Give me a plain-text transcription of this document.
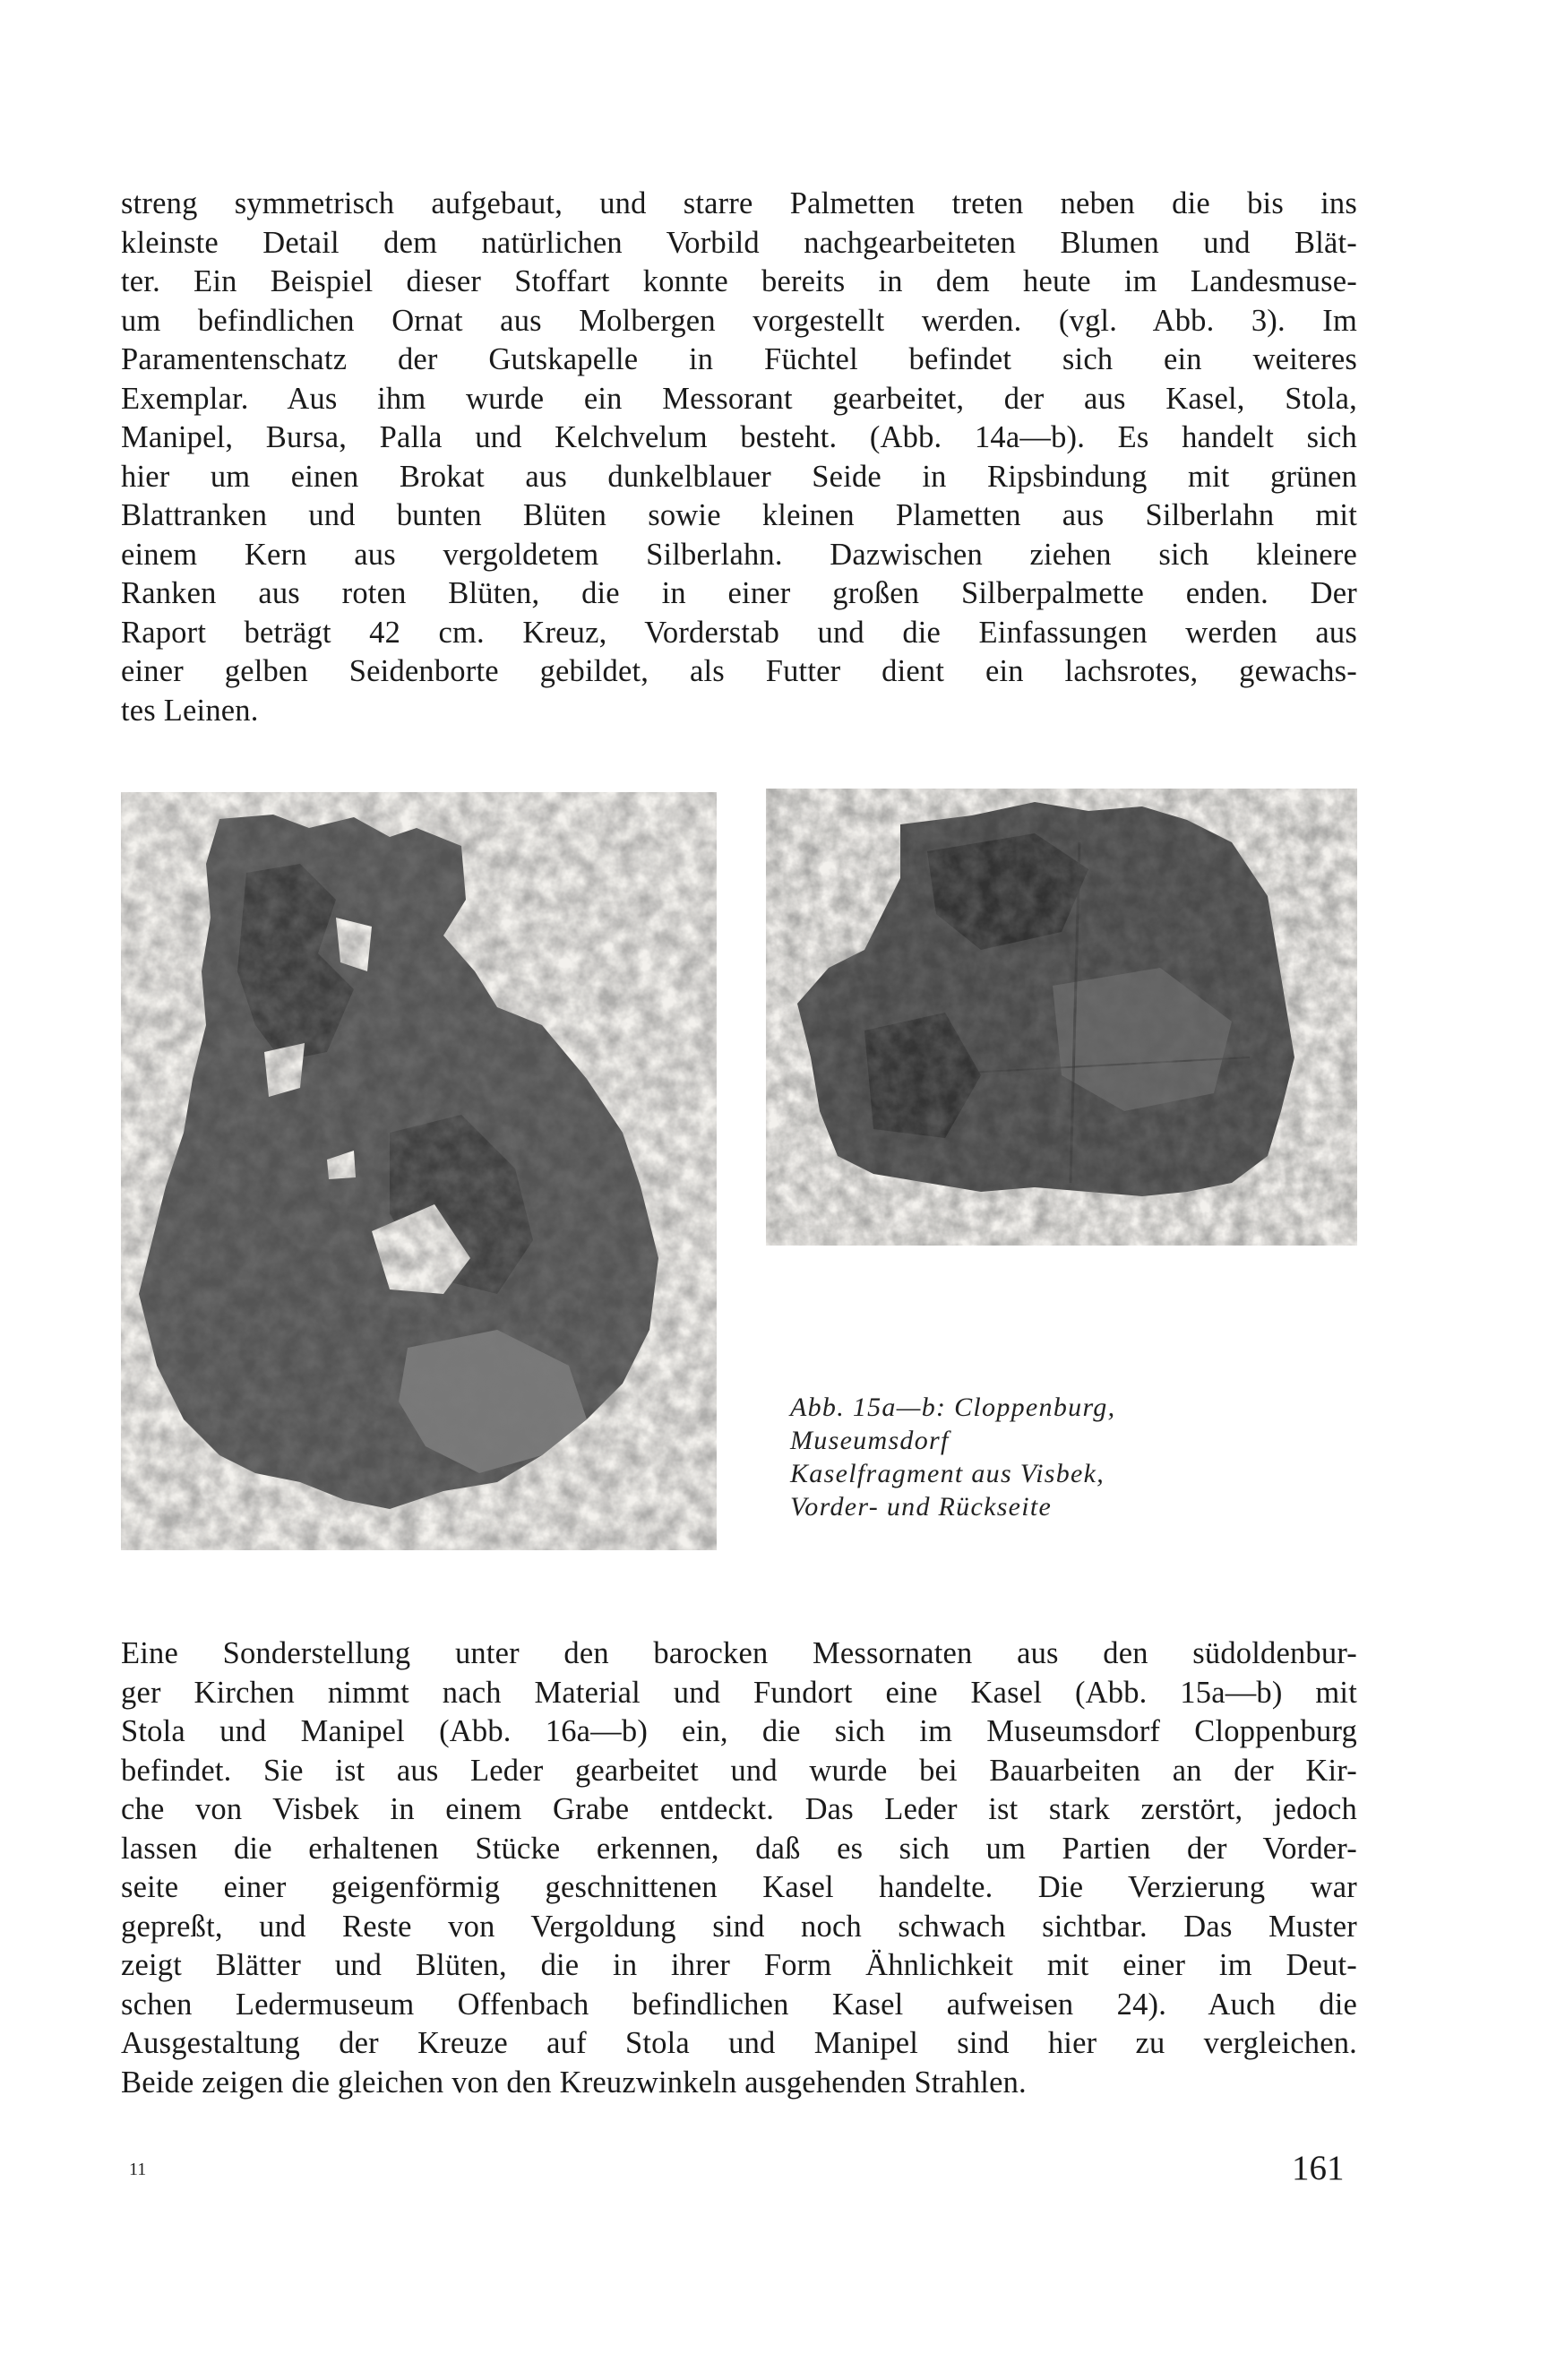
streng symmetrisch aufgebaut, und starre Palmetten treten neben die bis ins
kleinste Detail dem natürlichen Vorbild nachgearbeiteten Blumen und Blät-
ter. Ein Beispiel dieser Stoffart konnte bereits in dem heute im Landesmuse-
um befindlichen Ornat aus Molbergen vorgestellt werden. (vgl. Abb. 3). Im
Paramentenschatz der Gutskapelle in Füchtel befindet sich ein weiteres
Exemplar. Aus ihm wurde ein Messorant gearbeitet, der aus Kasel, Stola,
Manipel, Bursa, Palla und Kelchvelum besteht. (Abb. 14a—b). Es handelt sich
hier um einen Brokat aus dunkelblauer Seide in Ripsbindung mit grünen
Blattranken und bunten Blüten sowie kleinen Plametten aus Silberlahn mit
einem Kern aus vergoldetem Silberlahn. Dazwischen ziehen sich kleinere
Ranken aus roten Blüten, die in einer großen Silberpalmette enden. Der
Raport beträgt 42 cm. Kreuz, Vorderstab und die Einfassungen werden aus
einer gelben Seidenborte gebildet, als Futter dient ein lachsrotes, gewachs-
tes Leinen.
Abb. 15a—b: Cloppenburg,
Museumsdorf
Kaselfragment aus Visbek,
Vorder- und Rückseite
Eine Sonderstellung unter den barocken Messornaten aus den südoldenbur-
ger Kirchen nimmt nach Material und Fundort eine Kasel (Abb. 15a—b) mit
Stola und Manipel (Abb. 16a—b) ein, die sich im Museumsdorf Cloppenburg
befindet. Sie ist aus Leder gearbeitet und wurde bei Bauarbeiten an der Kir-
che von Visbek in einem Grabe entdeckt. Das Leder ist stark zerstört, jedoch
lassen die erhaltenen Stücke erkennen, daß es sich um Partien der Vorder-
seite einer geigenförmig geschnittenen Kasel handelte. Die Verzierung war
gepreßt, und Reste von Vergoldung sind noch schwach sichtbar. Das Muster
zeigt Blätter und Blüten, die in ihrer Form Ähnlichkeit mit einer im Deut-
schen Ledermuseum Offenbach befindlichen Kasel aufweisen 24). Auch die
Ausgestaltung der Kreuze auf Stola und Manipel sind hier zu vergleichen.
Beide zeigen die gleichen von den Kreuzwinkeln ausgehenden Strahlen.
11	161
